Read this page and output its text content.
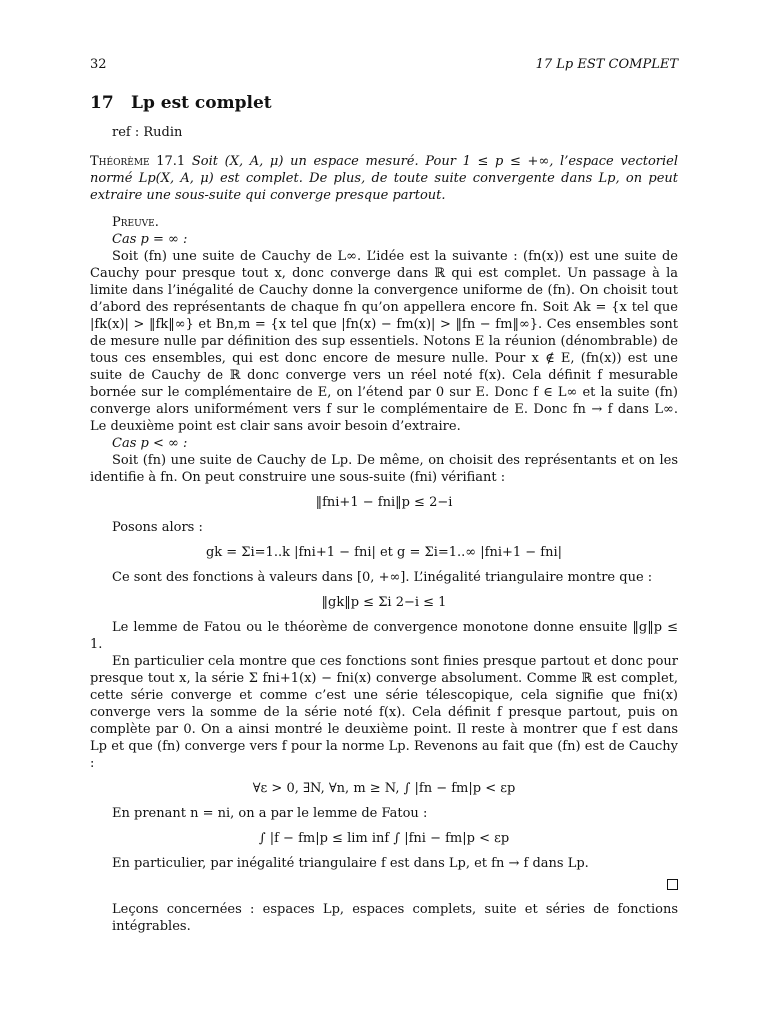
32	17 Lp EST COMPLET
17	Lp est complet
ref : Rudin

Théorème 17.1 Soit (X, A, μ) un espace mesuré. Pour 1 ≤ p ≤ +∞, l’espace vectoriel normé Lp(X, A, μ) est complet. De plus, de toute suite convergente dans Lp, on peut extraire une sous-suite qui converge presque partout.

Preuve.
Cas p = ∞ :

Soit (fn) une suite de Cauchy de L∞. L’idée est la suivante : (fn(x)) est une suite de Cauchy pour presque tout x, donc converge dans ℝ qui est complet. Un passage à la limite dans l’inégalité de Cauchy donne la convergence uniforme de (fn). On choisit tout d’abord des représentants de chaque fn qu’on appellera encore fn. Soit Ak = {x tel que |fk(x)| > ‖fk‖∞} et Bn,m = {x tel que |fn(x) − fm(x)| > ‖fn − fm‖∞}. Ces ensembles sont de mesure nulle par définition des sup essentiels. Notons E la réunion (dénombrable) de tous ces ensembles, qui est donc encore de mesure nulle. Pour x ∉ E, (fn(x)) est une suite de Cauchy de ℝ donc converge vers un réel noté f(x). Cela définit f mesurable bornée sur le complémentaire de E, on l’étend par 0 sur E. Donc f ∈ L∞ et la suite (fn) converge alors uniformément vers f sur le complémentaire de E. Donc fn → f dans L∞. Le deuxième point est clair sans avoir besoin d’extraire.

Cas p < ∞ :

Soit (fn) une suite de Cauchy de Lp. De même, on choisit des représentants et on les identifie à fn. On peut construire une sous-suite (fni) vérifiant :

‖fni+1 − fni‖p ≤ 2−i

Posons alors :

gk = Σi=1..k |fni+1 − fni| et g = Σi=1..∞ |fni+1 − fni|

Ce sont des fonctions à valeurs dans [0, +∞]. L’inégalité triangulaire montre que :

‖gk‖p ≤ Σi 2−i ≤ 1

Le lemme de Fatou ou le théorème de convergence monotone donne ensuite ‖g‖p ≤ 1.

En particulier cela montre que ces fonctions sont finies presque partout et donc pour presque tout x, la série Σ fni+1(x) − fni(x) converge absolument. Comme ℝ est complet, cette série converge et comme c’est une série télescopique, cela signifie que fni(x) converge vers la somme de la série noté f(x). Cela définit f presque partout, puis on complète par 0. On a ainsi montré le deuxième point. Il reste à montrer que f est dans Lp et que (fn) converge vers f pour la norme Lp. Revenons au fait que (fn) est de Cauchy :

∀ε > 0, ∃N, ∀n, m ≥ N, ∫ |fn − fm|p < εp

En prenant n = ni, on a par le lemme de Fatou :

∫ |f − fm|p ≤ lim inf ∫ |fni − fm|p < εp

En particulier, par inégalité triangulaire f est dans Lp, et fn → f dans Lp.

Leçons concernées : espaces Lp, espaces complets, suite et séries de fonctions intégrables.
